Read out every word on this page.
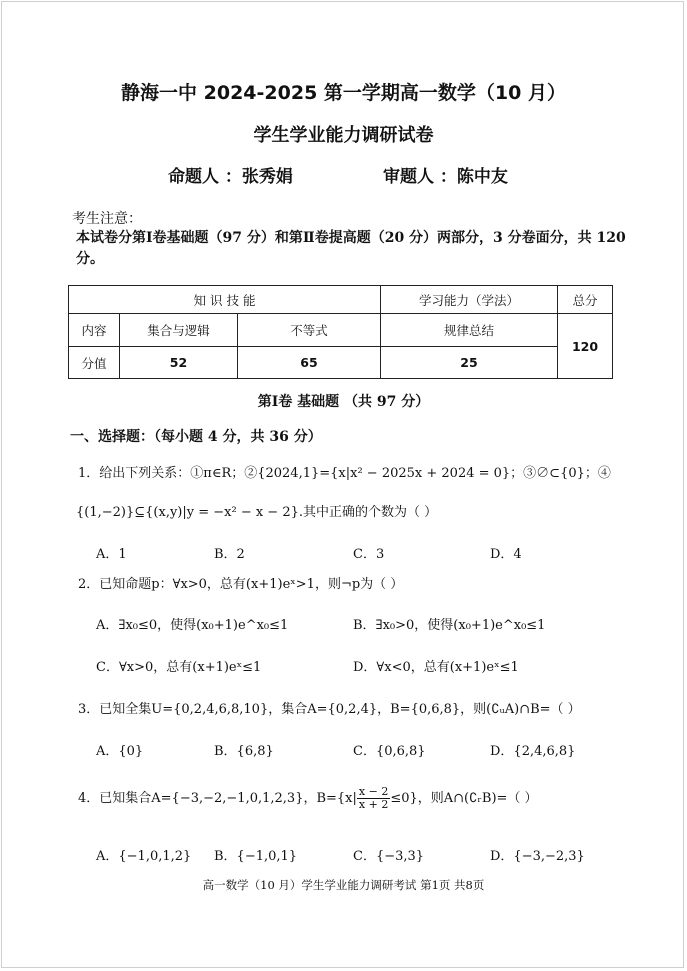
静海一中 2024-2025 第一学期高一数学（10 月）
学生学业能力调研试卷
命题人 ：张秀娟	审题人 ：陈中友
考生注意：
本试卷分第Ⅰ卷基础题（97 分）和第Ⅱ卷提高题（20 分）两部分，3 分卷面分，共 120 分。
知 识 技 能			学习能力（学法）	总分
内容	集合与逻辑	不等式	规律总结	120
分值	52	65	25	
第Ⅰ卷 基础题 （共 97 分）
一、选择题：（每小题 4 分，共 36 分）
1．给出下列关系：①π∈R；②{2024,1}={x|x² − 2025x + 2024 = 0}；③∅⊂{0}；④
{(1,−2)}⊆{(x,y)|y = −x² − x − 2}.其中正确的个数为（ ）
A．1	B．2	C．3	D．4
2．已知命题p：∀x>0，总有(x+1)eˣ>1，则¬p为（ ）
A．∃x₀≤0，使得(x₀+1)e^x₀≤1	B．∃x₀>0，使得(x₀+1)e^x₀≤1
C．∀x>0，总有(x+1)eˣ≤1	D．∀x<0，总有(x+1)eˣ≤1
3．已知全集U={0,2,4,6,8,10}，集合A={0,2,4}，B={0,6,8}，则(∁ᵤA)∩B=（ ）
A．{0}	B．{6,8}	C．{0,6,8}	D．{2,4,6,8}
4．已知集合A={−3,−2,−1,0,1,2,3}，$B=\{x| \frac{x - 2}{x + 2} \le 0\}$，则A∩(∁ᵣB)=（ ）
A．{−1,0,1,2} B．{−1,0,1}	C．{−3,3}	D．{−3,−2,3}
高一数学（10 月）学生学业能力调研考试 第1页 共8页
